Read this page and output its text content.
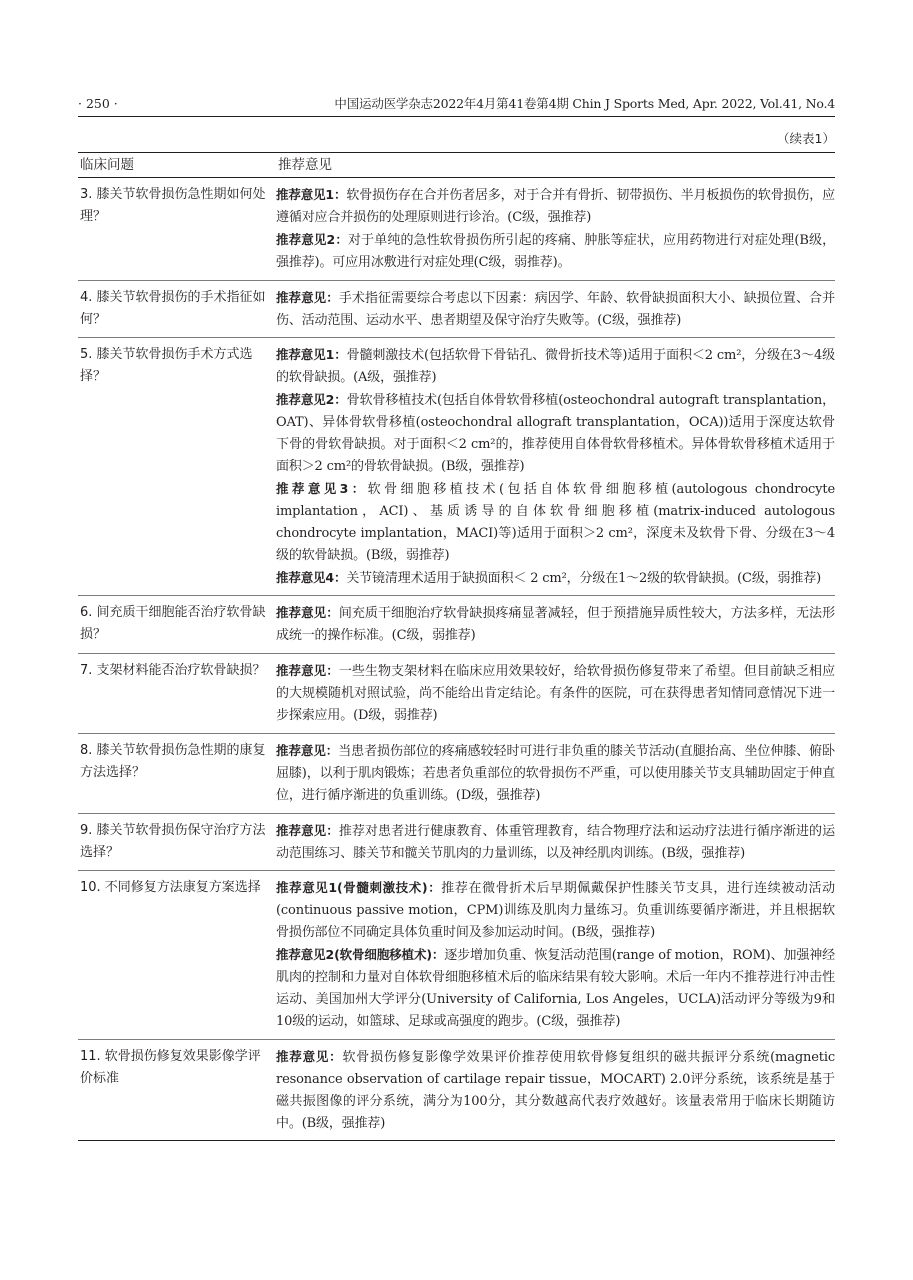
· 250 ·	中国运动医学杂志2022年4月第41卷第4期 Chin J Sports Med, Apr. 2022, Vol.41, No.4
（续表1）
临床问题	推荐意见
3. 膝关节软骨损伤急性期如何处理？	推荐意见1：软骨损伤存在合并伤者居多，对于合并有骨折、韧带损伤、半月板损伤的软骨损伤，应遵循对应合并损伤的处理原则进行诊治。(C级，强推荐)

推荐意见2：对于单纯的急性软骨损伤所引起的疼痛、肿胀等症状，应用药物进行对症处理(B级，强推荐)。可应用冰敷进行对症处理(C级，弱推荐)。

4. 膝关节软骨损伤的手术指征如何？	推荐意见：手术指征需要综合考虑以下因素：病因学、年龄、软骨缺损面积大小、缺损位置、合并伤、活动范围、运动水平、患者期望及保守治疗失败等。(C级，强推荐)

5. 膝关节软骨损伤手术方式选择？	推荐意见1：骨髓刺激技术(包括软骨下骨钻孔、微骨折技术等)适用于面积＜2 cm²，分级在3～4级的软骨缺损。(A级，强推荐)

推荐意见2：骨软骨移植技术(包括自体骨软骨移植(osteochondral autograft transplantation，OAT)、异体骨软骨移植(osteochondral allograft transplantation，OCA))适用于深度达软骨下骨的骨软骨缺损。对于面积＜2 cm²的，推荐使用自体骨软骨移植术。异体骨软骨移植术适用于面积＞2 cm²的骨软骨缺损。(B级，强推荐)

推荐意见3：软骨细胞移植技术(包括自体软骨细胞移植(autologous chondrocyte implantation，ACI)、基质诱导的自体软骨细胞移植(matrix-induced autologous chondrocyte implantation，MACI)等)适用于面积＞2 cm²，深度未及软骨下骨、分级在3～4级的软骨缺损。(B级，弱推荐)

推荐意见4：关节镜清理术适用于缺损面积＜ 2 cm²，分级在1～2级的软骨缺损。(C级，弱推荐)

6. 间充质干细胞能否治疗软骨缺损？	推荐意见：间充质干细胞治疗软骨缺损疼痛显著减轻，但于预措施异质性较大，方法多样，无法形成统一的操作标准。(C级，弱推荐)

7. 支架材料能否治疗软骨缺损？	推荐意见：一些生物支架材料在临床应用效果较好，给软骨损伤修复带来了希望。但目前缺乏相应的大规模随机对照试验，尚不能给出肯定结论。有条件的医院，可在获得患者知情同意情况下进一步探索应用。(D级，弱推荐)

8. 膝关节软骨损伤急性期的康复方法选择？	推荐意见：当患者损伤部位的疼痛感较轻时可进行非负重的膝关节活动(直腿抬高、坐位伸膝、俯卧屈膝)，以利于肌肉锻炼；若患者负重部位的软骨损伤不严重，可以使用膝关节支具辅助固定于伸直位，进行循序渐进的负重训练。(D级，强推荐)

9. 膝关节软骨损伤保守治疗方法选择？	推荐意见：推荐对患者进行健康教育、体重管理教育，结合物理疗法和运动疗法进行循序渐进的运动范围练习、膝关节和髋关节肌肉的力量训练，以及神经肌肉训练。(B级，强推荐)

10. 不同修复方法康复方案选择	推荐意见1(骨髓刺激技术)：推荐在微骨折术后早期佩戴保护性膝关节支具，进行连续被动活动(continuous passive motion，CPM)训练及肌肉力量练习。负重训练要循序渐进，并且根据软骨损伤部位不同确定具体负重时间及参加运动时间。(B级，强推荐)

推荐意见2(软骨细胞移植术)：逐步增加负重、恢复活动范围(range of motion，ROM)、加强神经肌肉的控制和力量对自体软骨细胞移植术后的临床结果有较大影响。术后一年内不推荐进行冲击性运动、美国加州大学评分(University of California, Los Angeles，UCLA)活动评分等级为9和10级的运动，如篮球、足球或高强度的跑步。(C级，强推荐)

11. 软骨损伤修复效果影像学评价标准	推荐意见：软骨损伤修复影像学效果评价推荐使用软骨修复组织的磁共振评分系统(magnetic resonance observation of cartilage repair tissue，MOCART) 2.0评分系统，该系统是基于磁共振图像的评分系统，满分为100分，其分数越高代表疗效越好。该量表常用于临床长期随访中。(B级，强推荐)
